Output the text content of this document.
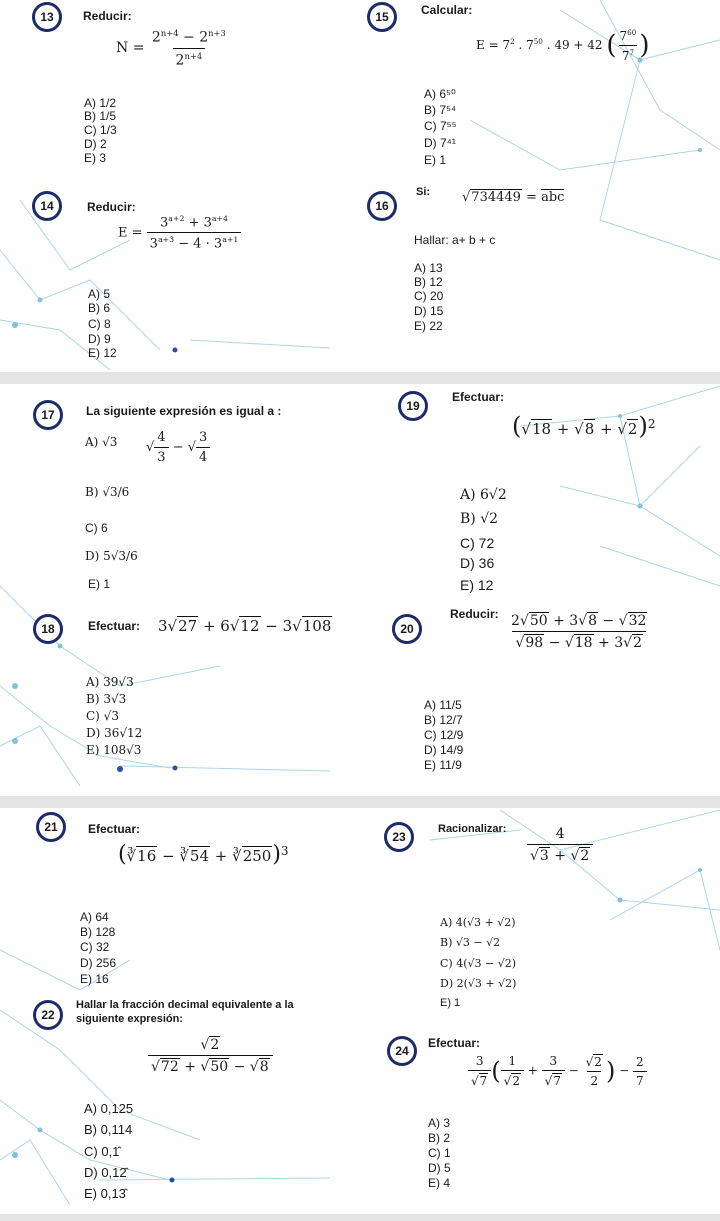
13	Reducir:
$N = \frac{2^{n+4} - 2^{n+3}}{2^{n+4}}$
A) 1/2
B) 1/5
C) 1/3
D) 2
E) 3
15	Calcular:
$E = 7^2$ . $7^{50}$ . 49 + 42 ( $\frac{7^{60}}{7^7}$ )
A) 6⁵⁰
B) 7⁵⁴
C) 7⁵⁵
D) 7⁴¹
E) 1
14	Reducir:
$E = \frac{3^{a+2} + 3^{a+4}}{3^{a+3} - 4 \cdot 3^{a+1}}$
A) 5
B) 6
C) 8
D) 9
E) 12
16
Si: √734449 = abc
Hallar: a+ b + c
A) 13
B) 12
C) 20
D) 15
E) 22
17	La siguiente expresión es igual a :
√ $\frac{4}{3}$ − √ $\frac{3}{4}$
A) √3
B) √3/6
C) 6
D) 5√3/6
E) 1
19
Efectuar:
$(√18 + √8 + √2)^2$
A) 6√2
B) √2
C) 72
D) 36
E) 12
18	Efectuar: 3√27 + 6√12 − 3√108
A) 39√3
B) 3√3
C) √3
D) 36√12
E) 108√3
20
Reducir: $\frac{2√50 + 3√8 - √32}{√98 - √18 + 3√2}$
A) 11/5
B) 12/7
C) 12/9
D) 14/9
E) 11/9
21	Efectuar:
(∛16 − ∛54 + ∛250)$^3$
A) 64
B) 128
C) 32
D) 256
E) 16
23
Racionalizar: $\frac{4}{√3 + √2}$
A) 4(√3 + √2)
B) √3 − √2
C) 4(√3 − √2)
D) 2(√3 + √2)
E) 1
22
Hallar la fracción decimal equivalente a la
siguiente expresión:
$\frac{√2}{√72 + √50 - √8}$
A) 0,125
B) 0,114
C) 0,1̂
D) 0,12̂
E) 0,13̂
24
Efectuar:
$\frac{3}{√7}$ ( $\frac{1}{√2} + \frac{3}{√7} - \frac{√2}{2}$ ) − $\frac{2}{7}$
A) 3
B) 2
C) 1
D) 5
E) 4
2n+4 − 2n+3 2n+4 E = 7² . 7⁵⁰ . 49 + 42 (7⁶⁰ / 7⁷) 3a+2 + 3a+4 3a+3 − 4 · 3a+1 √734449 = abc √(4/3) − √(3/4) (√18 + √8 + √2)² 3√27 + 6√12 − 3√108 2√50 + 3√8 − √32 √98 − √18 + 3√2 (∛16 − ∛54 + ∛250)³ √3 + √2 √2 √72 + √50 − √8 (3/√7)(1/√2 + 3/√7 − √2/2) − 2/7
